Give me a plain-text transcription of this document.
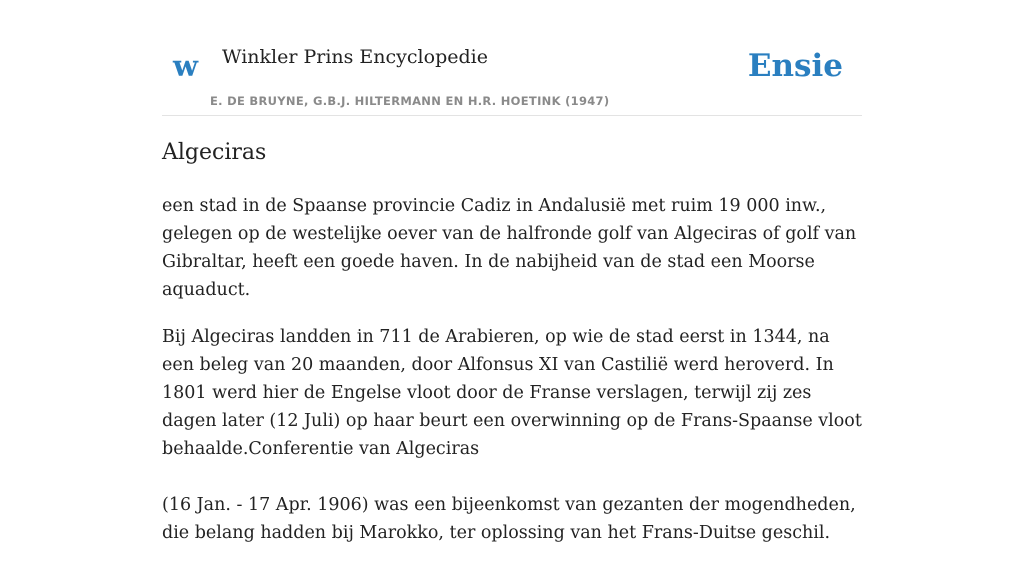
w Winkler Prins Encyclopedie
E. DE BRUYNE, G.B.J. HILTERMANN EN H.R. HOETINK (1947)
Ensie
Algeciras

een stad in de Spaanse provincie Cadiz in Andalusië met ruim 19 000 inw., gelegen op de westelijke oever van de halfronde golf van Algeciras of golf van Gibraltar, heeft een goede haven. In de nabijheid van de stad een Moorse aquaduct.

Bij Algeciras landden in 711 de Arabieren, op wie de stad eerst in 1344, na een beleg van 20 maanden, door Alfonsus XI van Castilië werd heroverd. In 1801 werd hier de Engelse vloot door de Franse verslagen, terwijl zij zes dagen later (12 Juli) op haar beurt een overwinning op de Frans-Spaanse vloot behaalde.Conferentie van Algeciras

(16 Jan. - 17 Apr. 1906) was een bijeenkomst van gezanten der mogendheden, die belang hadden bij Marokko, ter oplossing van het Frans-Duitse geschil.
